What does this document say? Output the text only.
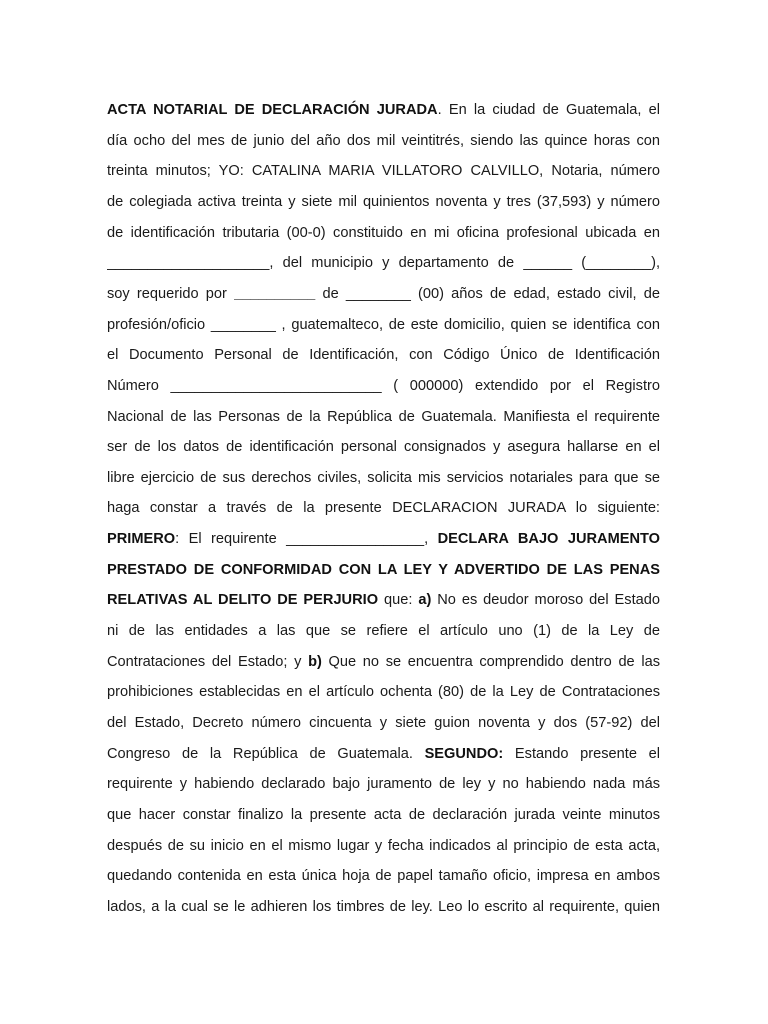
ACTA NOTARIAL DE DECLARACIÓN JURADA. En la ciudad de Guatemala, el
día ocho del mes de junio del año dos mil veintitrés, siendo las quince horas con
treinta minutos; YO: CATALINA MARIA VILLATORO CALVILLO, Notaria, número
de colegiada activa treinta y siete mil quinientos noventa y tres (37,593) y número
de identificación tributaria (00-0) constituido en mi oficina profesional ubicada en
____________________, del municipio y departamento de ______ (________),
soy requerido por __________ de ________ (00) años de edad, estado civil, de
profesión/oficio ________ , guatemalteco, de este domicilio, quien se identifica con
el Documento Personal de Identificación, con Código Único de Identificación
Número __________________________ ( 000000) extendido por el Registro
Nacional de las Personas de la República de Guatemala. Manifiesta el requirente
ser de los datos de identificación personal consignados y asegura hallarse en el
libre ejercicio de sus derechos civiles, solicita mis servicios notariales para que se
haga constar a través de la presente DECLARACION JURADA lo siguiente:
PRIMERO: El requirente _________________, DECLARA BAJO JURAMENTO
PRESTADO DE CONFORMIDAD CON LA LEY Y ADVERTIDO DE LAS PENAS
RELATIVAS AL DELITO DE PERJURIO que: a) No es deudor moroso del Estado
ni de las entidades a las que se refiere el artículo uno (1) de la Ley de
Contrataciones del Estado; y b) Que no se encuentra comprendido dentro de las
prohibiciones establecidas en el artículo ochenta (80) de la Ley de Contrataciones
del Estado, Decreto número cincuenta y siete guion noventa y dos (57-92) del
Congreso de la República de Guatemala. SEGUNDO: Estando presente el
requirente y habiendo declarado bajo juramento de ley y no habiendo nada más
que hacer constar finalizo la presente acta de declaración jurada veinte minutos
después de su inicio en el mismo lugar y fecha indicados al principio de esta acta,
quedando contenida en esta única hoja de papel tamaño oficio, impresa en ambos
lados, a la cual se le adhieren los timbres de ley. Leo lo escrito al requirente, quien
